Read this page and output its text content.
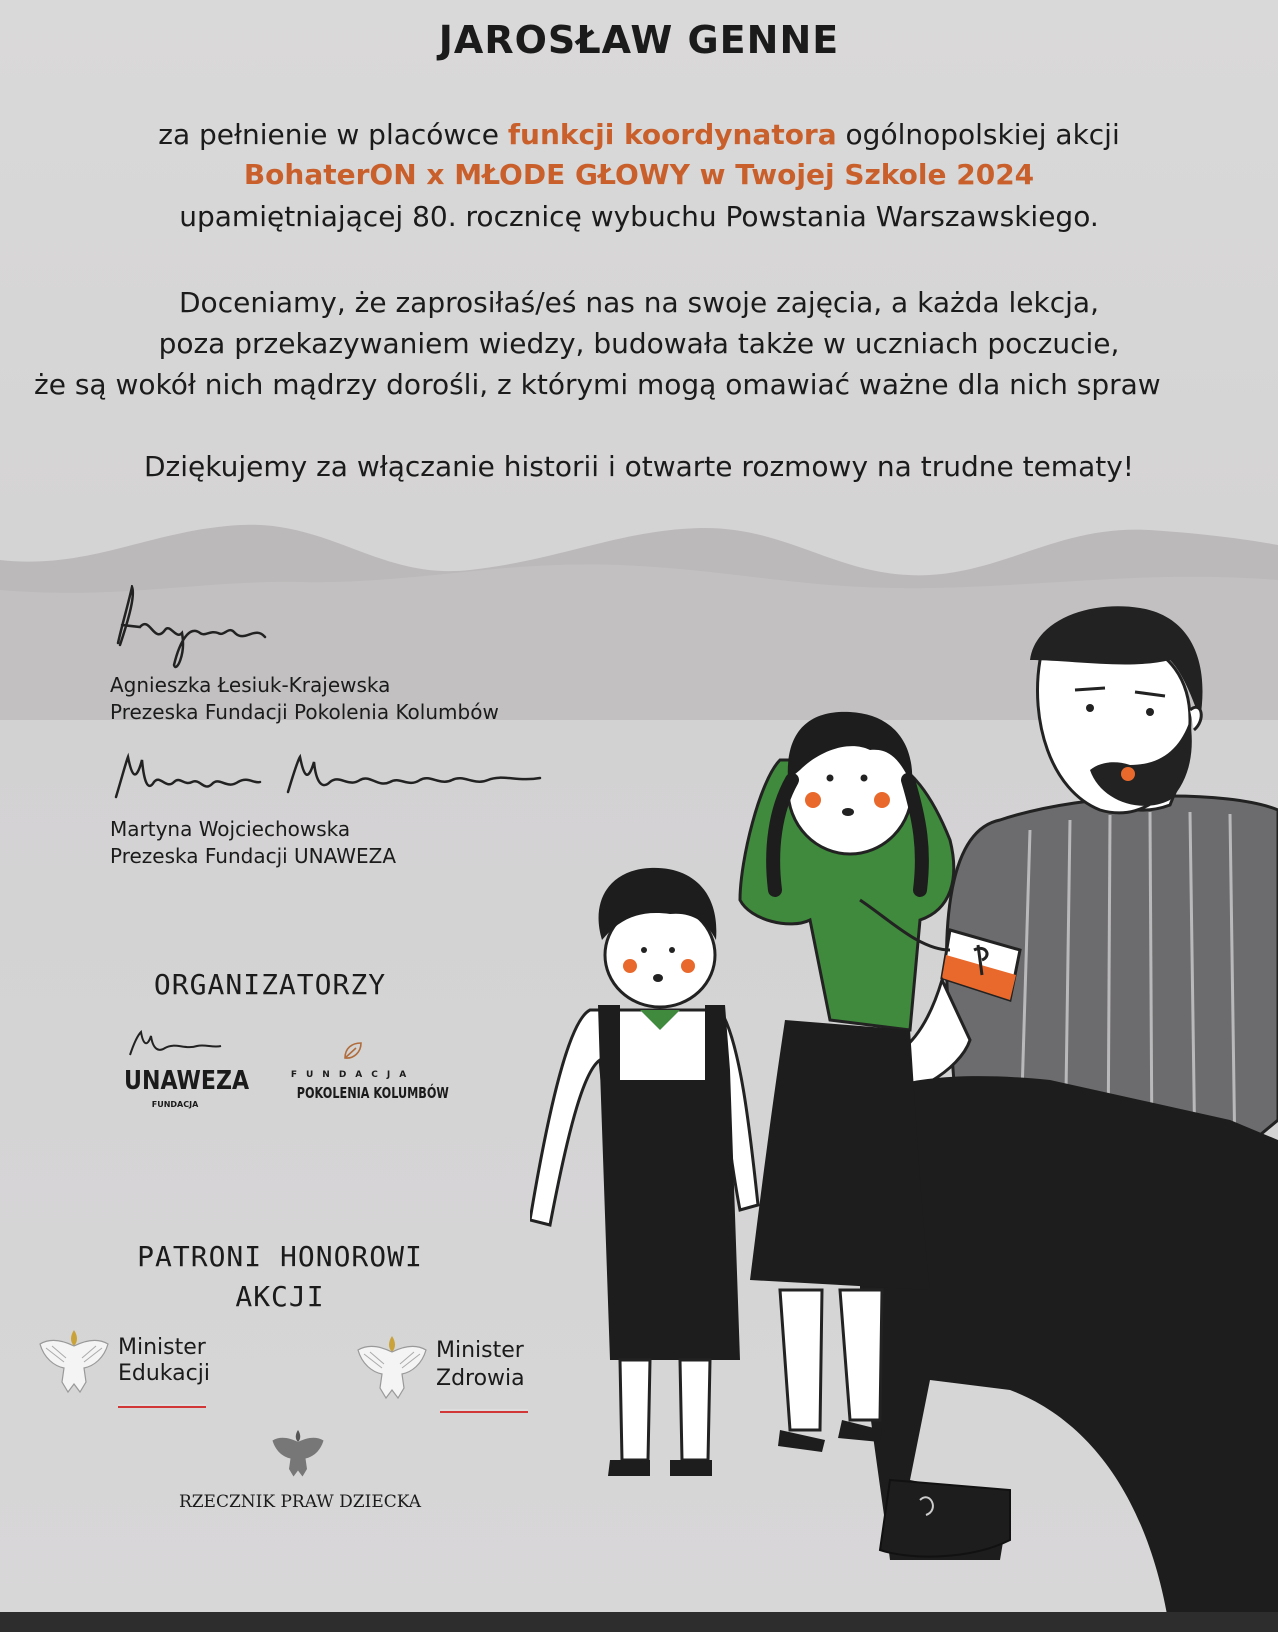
JAROSŁAW GENNE
za pełnienie w placówce funkcji koordynatora ogólnopolskiej akcji
BohaterON x MŁODE GŁOWY w Twojej Szkole 2024
upamiętniającej 80. rocznicę wybuchu Powstania Warszawskiego.
Doceniamy, że zaprosiłaś/eś nas na swoje zajęcia, a każda lekcja,
poza przekazywaniem wiedzy, budowała także w uczniach poczucie,
że są wokół nich mądrzy dorośli, z którymi mogą omawiać ważne dla nich spraw
Dziękujemy za włączanie historii i otwarte rozmowy na trudne tematy!
Agnieszka Łesiuk-Krajewska
Prezeska Fundacji Pokolenia Kolumbów
Martyna Wojciechowska
Prezeska Fundacji UNAWEZA
ORGANIZATORZY
UNAWEZA
FUNDACJA
FUNDACJA
POKOLENIA KOLUMBÓW
PATRONI HONOROWI
AKCJI
Minister
Edukacji
Minister
Zdrowia
RZECZNIK PRAW DZIECKA
